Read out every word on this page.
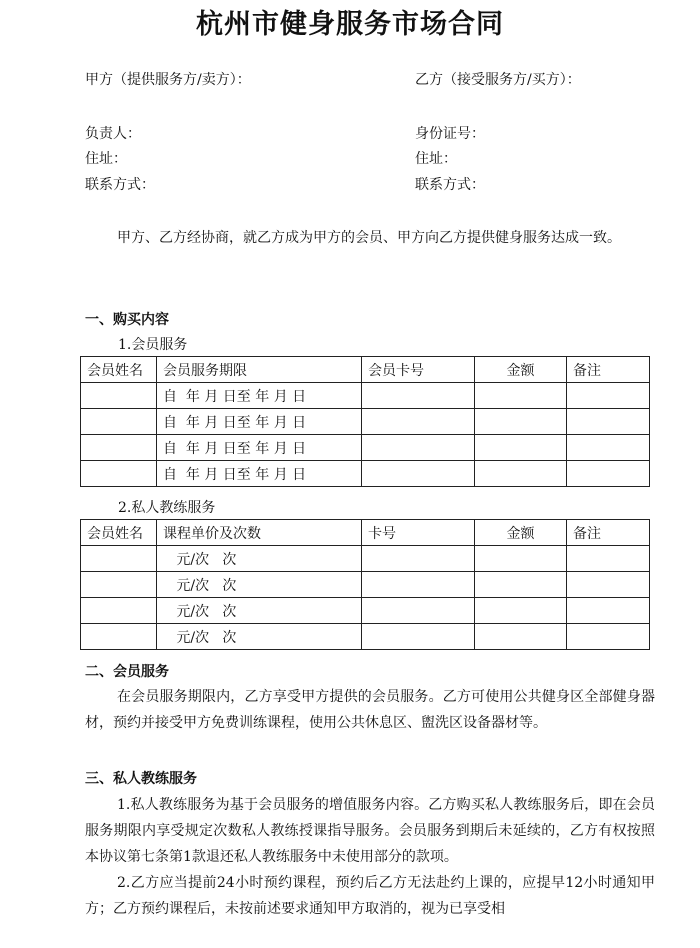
杭州市健身服务市场合同
甲方（提供服务方/卖方）：	乙方（接受服务方/买方）：
负责人：	身份证号：
住址：	住址：
联系方式：	联系方式：

甲方、乙方经协商，就乙方成为甲方的会员、甲方向乙方提供健身服务达成一致。

一、购买内容
1.会员服务
会员姓名	会员服务期限	会员卡号	金额	备注
	自  年 月 日至 年 月 日			
	自  年 月 日至 年 月 日			
	自  年 月 日至 年 月 日			
	自  年 月 日至 年 月 日			
2.私人教练服务
会员姓名	课程单价及次数	卡号	金额	备注
	元/次   次			
	元/次   次			
	元/次   次			
	元/次   次			
二、会员服务

在会员服务期限内，乙方享受甲方提供的会员服务。乙方可使用公共健身区全部健身器材，预约并接受甲方免费训练课程，使用公共休息区、盥洗区设备器材等。

三、私人教练服务

1.私人教练服务为基于会员服务的增值服务内容。乙方购买私人教练服务后，即在会员服务期限内享受规定次数私人教练授课指导服务。会员服务到期后未延续的，乙方有权按照本协议第七条第1款退还私人教练服务中未使用部分的款项。

2.乙方应当提前24小时预约课程，预约后乙方无法赴约上课的，应提早12小时通知甲方；乙方预约课程后，未按前述要求通知甲方取消的，视为已享受相
